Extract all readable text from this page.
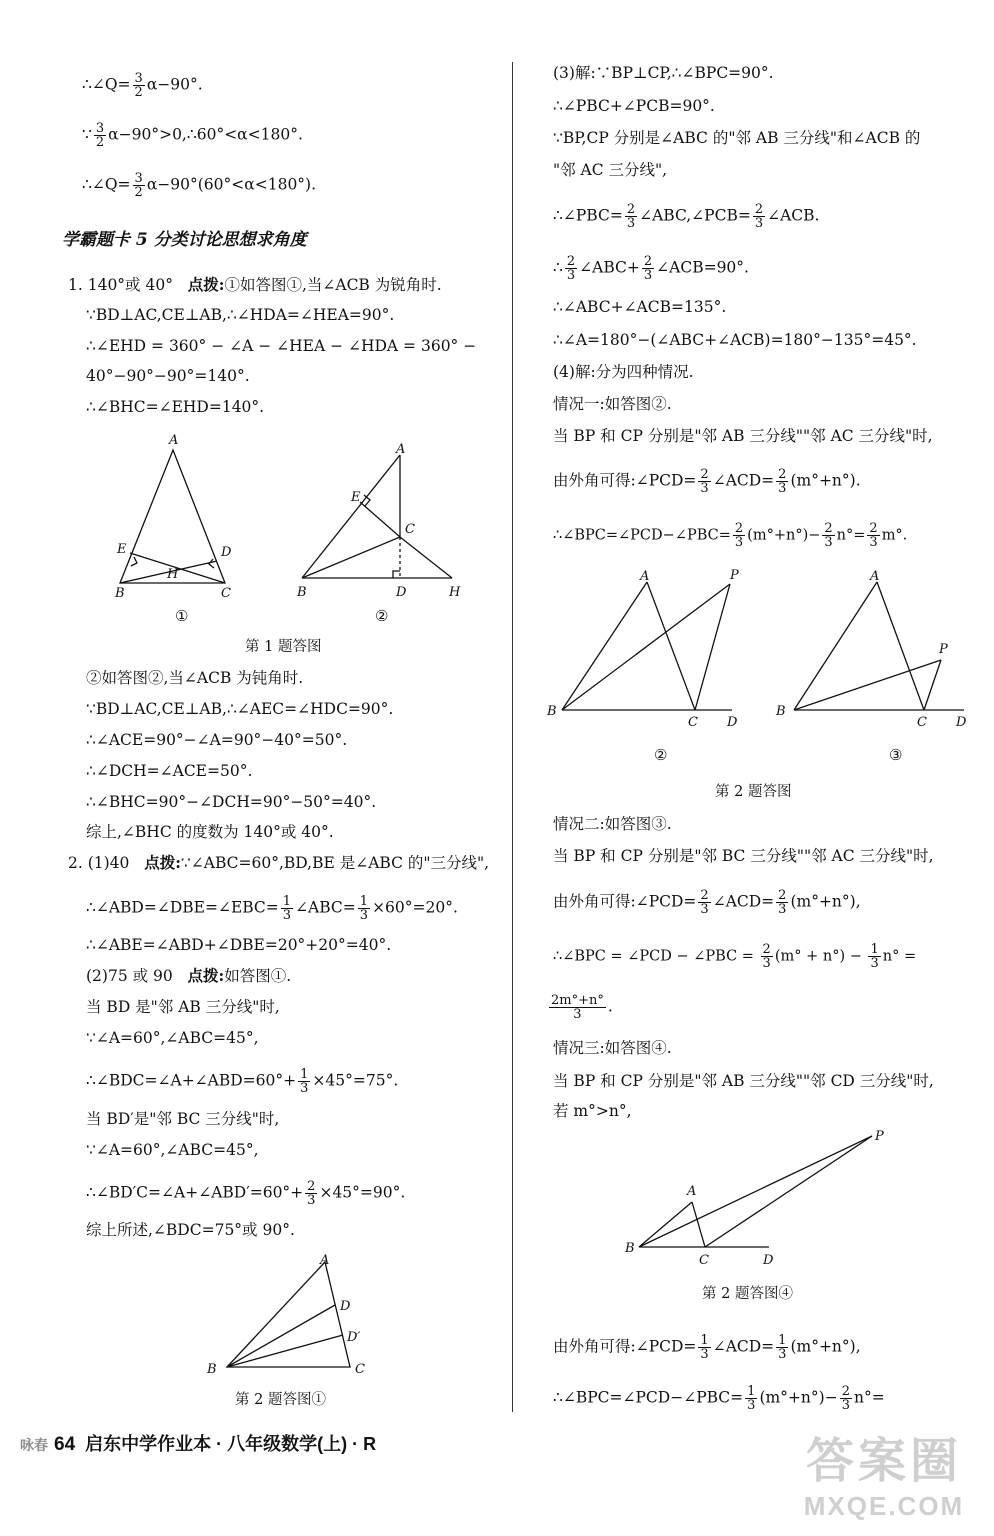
∴∠Q= $\frac{3}{2} \alpha-90^\circ$.
∵ $\frac{3}{2}$ α−90°>0,∴60°<α<180°.
∴∠Q= $\frac{3}{2} \alpha-90^\circ(60^\circ<\alpha<180^\circ)$.
学霸题卡 5 分类讨论思想求角度
1. 140°或 40° 点拨:①如答图①,当∠ACB 为锐角时.
∵BD⊥AC,CE⊥AB,∴∠HDA=∠HEA=90°.
∴∠EHD = 360° − ∠A − ∠HEA − ∠HDA = 360° −
40°−90°−90°=140°.
∴∠BHC=∠EHD=140°.
A
B	C
D
E
H
①
A
B
C
D
E
H
②
第 1 题答图
②如答图②,当∠ACB 为钝角时.
∵BD⊥AC,CE⊥AB,∴∠AEC=∠HDC=90°.
∴∠ACE=90°−∠A=90°−40°=50°.
∴∠DCH=∠ACE=50°.
∴∠BHC=90°−∠DCH=90°−50°=40°.
综上,∠BHC 的度数为 140°或 40°.
2. (1)40 点拨:∵∠ABC=60°,BD,BE 是∠ABC 的"三分线",
∴∠ABD=∠DBE=∠EBC= $\frac{1}{3}$ ∠ABC= $\frac{1}{3} \times 60^\circ=20^\circ$.
∴∠ABE=∠ABD+∠DBE=20°+20°=40°.
(2)75 或 90 点拨:如答图①.
当 BD 是"邻 AB 三分线"时,
∵∠A=60°,∠ABC=45°,
∴∠BDC=∠A+∠ABD=60°+ $\frac{1}{3} \times 45^\circ=75^\circ$.
当 BD′是"邻 BC 三分线"时,
∵∠A=60°,∠ABC=45°,
∴∠BD′C=∠A+∠ABD′=60°+ $\frac{2}{3} \times 45^\circ=90^\circ$.
综上所述,∠BDC=75°或 90°.
A
B	C
D
D′
第 2 题答图①
(3)解:∵BP⊥CP,∴∠BPC=90°.
∴∠PBC+∠PCB=90°.
∵BP,CP 分别是∠ABC 的"邻 AB 三分线"和∠ACB 的
"邻 AC 三分线",
∴∠PBC= $\frac{2}{3}$ ∠ABC,∠PCB= $\frac{2}{3}$ ∠ACB.
∴ $\frac{2}{3}$ ∠ABC+ $\frac{2}{3}$ ∠ACB=90°.
∴∠ABC+∠ACB=135°.
∴∠A=180°−(∠ABC+∠ACB)=180°−135°=45°.
(4)解:分为四种情况.
情况一:如答图②.
当 BP 和 CP 分别是"邻 AB 三分线""邻 AC 三分线"时,
由外角可得:∠PCD= $\frac{2}{3}$ ∠ACD= $\frac{2}{3} (m^\circ+n^\circ)$.
∴∠BPC=∠PCD−∠PBC= $\frac{2}{3} (m^\circ+n^\circ)- \frac{2}{3} n^\circ= \frac{2}{3} m^\circ$.
A	P
B
C D
②
A
P
B
C D
③
第 2 题答图
情况二:如答图③.
当 BP 和 CP 分别是"邻 BC 三分线""邻 AC 三分线"时,
由外角可得:∠PCD= $\frac{2}{3}$ ∠ACD= $\frac{2}{3} (m^\circ+n^\circ)$,
∴∠BPC = ∠PCD − ∠PBC = $\frac{2}{3} (m^\circ + n^\circ) - \frac{1}{3} n^\circ$ =
$\frac{2m^\circ+n^\circ}{3}$ .
情况三:如答图④.
当 BP 和 CP 分别是"邻 AB 三分线""邻 CD 三分线"时,
若 m°>n°,
A
P
B
C	D
第 2 题答图④
由外角可得:∠PCD= $\frac{1}{3}$ ∠ACD= $\frac{1}{3} (m^\circ+n^\circ)$,
∴∠BPC=∠PCD−∠PBC= $\frac{1}{3} (m^\circ+n^\circ)- \frac{2}{3} n^\circ=$
咏春 64 启东中学作业本 · 八年级数学(上) · R	答案圈
MXQE.COM
